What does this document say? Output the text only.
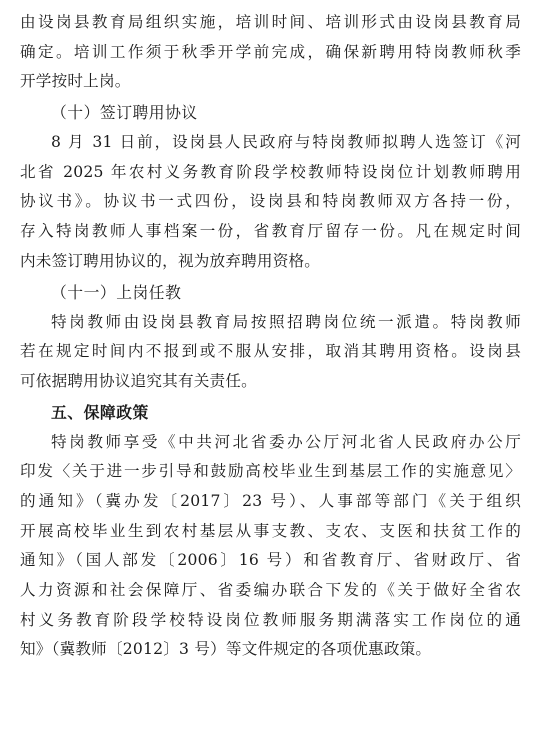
由设岗县教育局组织实施，培训时间、培训形式由设岗县教育局
确定。培训工作须于秋季开学前完成，确保新聘用特岗教师秋季
开学按时上岗。
（十）签订聘用协议
8 月 31 日前，设岗县人民政府与特岗教师拟聘人选签订《河
北省 2025 年农村义务教育阶段学校教师特设岗位计划教师聘用
协议书》。协议书一式四份，设岗县和特岗教师双方各持一份，
存入特岗教师人事档案一份，省教育厅留存一份。凡在规定时间
内未签订聘用协议的，视为放弃聘用资格。
（十一）上岗任教
特岗教师由设岗县教育局按照招聘岗位统一派遣。特岗教师
若在规定时间内不报到或不服从安排，取消其聘用资格。设岗县
可依据聘用协议追究其有关责任。
五、保障政策
特岗教师享受《中共河北省委办公厅河北省人民政府办公厅
印发〈关于进一步引导和鼓励高校毕业生到基层工作的实施意见〉
的通知》（冀办发〔2017〕23 号）、人事部等部门《关于组织
开展高校毕业生到农村基层从事支教、支农、支医和扶贫工作的
通知》（国人部发〔2006〕16 号）和省教育厅、省财政厅、省
人力资源和社会保障厅、省委编办联合下发的《关于做好全省农
村义务教育阶段学校特设岗位教师服务期满落实工作岗位的通
知》（冀教师〔2012〕3 号）等文件规定的各项优惠政策。
